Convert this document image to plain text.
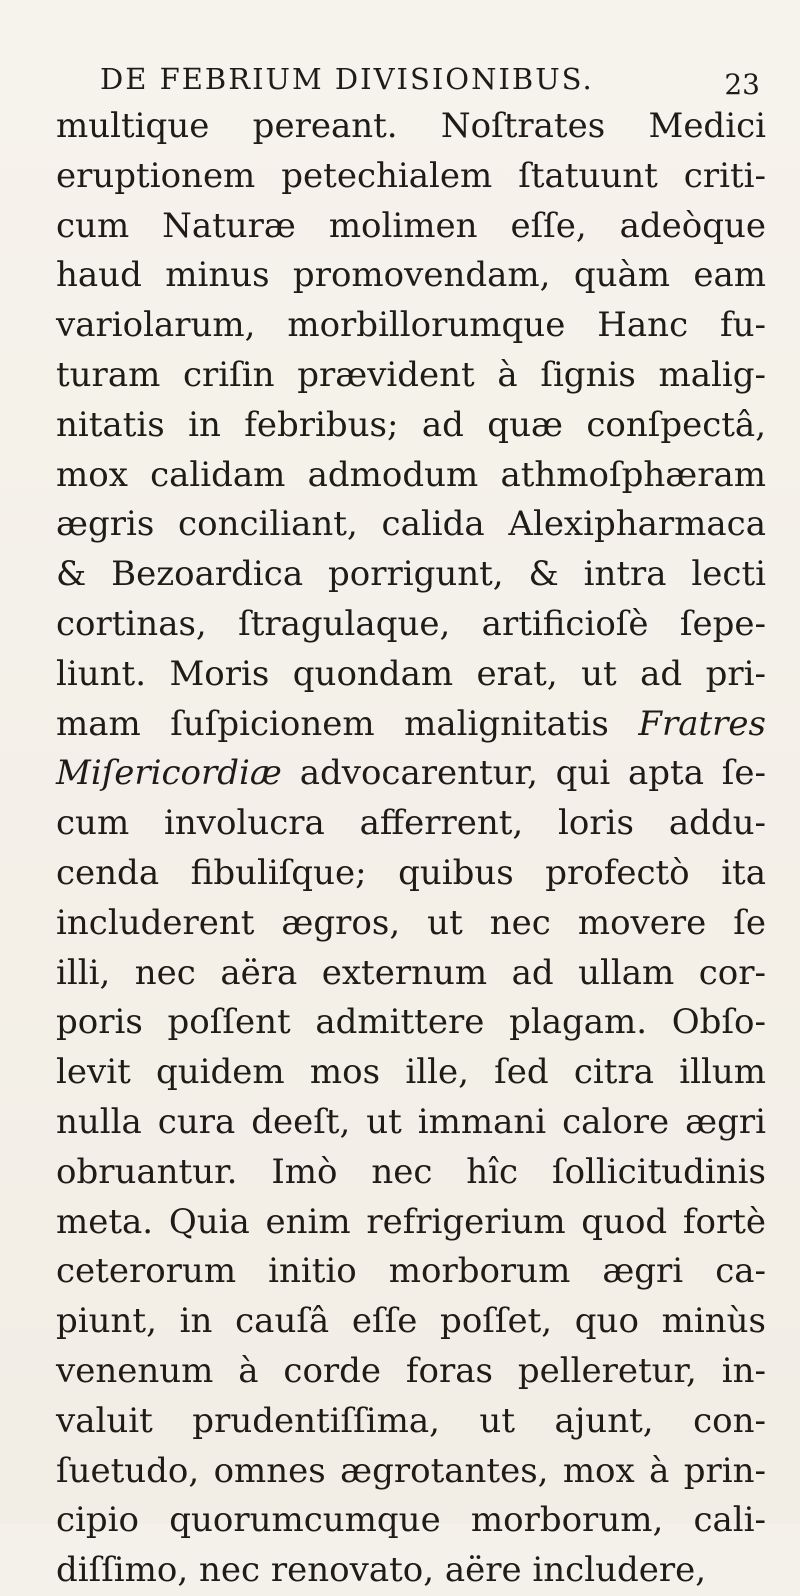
DE FEBRIUM DIVISIONIBUS.	23
multique pereant. Noſtrates Medici
eruptionem petechialem ſtatuunt criti-
cum Naturæ molimen eſſe, adeòque
haud minus promovendam, quàm eam
variolarum, morbillorumque Hanc fu-
turam criſin prævident à ſignis malig-
nitatis in febribus; ad quæ conſpectâ,
mox calidam admodum athmoſphæram
ægris conciliant, calida Alexipharmaca
& Bezoardica porrigunt, & intra lecti
cortinas, ſtragulaque, artificioſè ſepe-
liunt. Moris quondam erat, ut ad pri-
mam ſuſpicionem malignitatis Fratres
Miſericordiæ advocarentur, qui apta ſe-
cum involucra afferrent, loris addu-
cenda fibuliſque; quibus profectò ita
includerent ægros, ut nec movere ſe
illi, nec aëra externum ad ullam cor-
poris poſſent admittere plagam. Obſo-
levit quidem mos ille, ſed citra illum
nulla cura deeſt, ut immani calore ægri
obruantur. Imò nec hîc ſollicitudinis
meta. Quia enim refrigerium quod fortè
ceterorum initio morborum ægri ca-
piunt, in cauſâ eſſe poſſet, quo minùs
venenum à corde foras pelleretur, in-
valuit prudentiſſima, ut ajunt, con-
ſuetudo, omnes ægrotantes, mox à prin-
cipio quorumcumque morborum, cali-
diſſimo, nec renovato, aëre includere,
